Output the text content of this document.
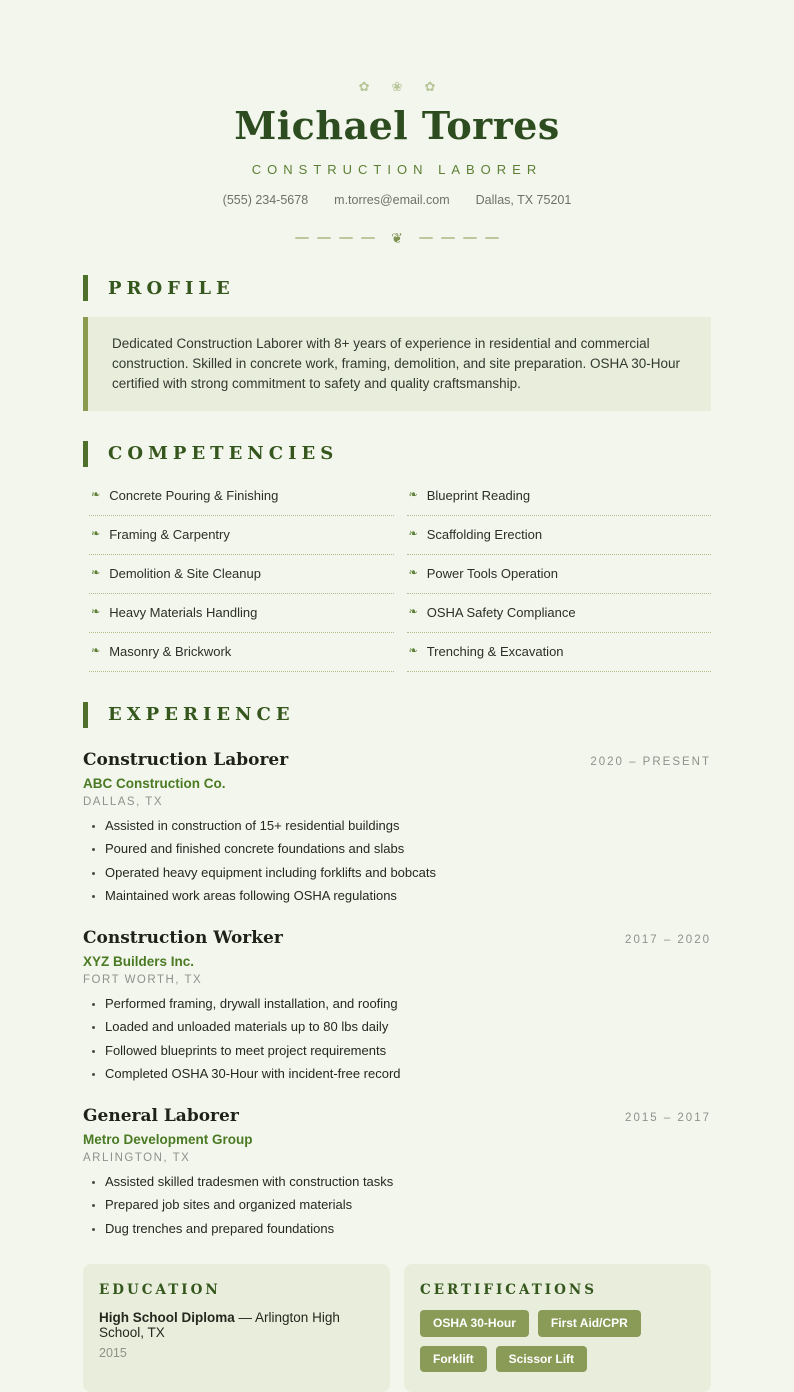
✿ ❀ ✿
Michael Torres
CONSTRUCTION LABORER
(555) 234-5678 m.torres@email.com Dallas, TX 75201
❦
PROFILE
Dedicated Construction Laborer with 8+ years of experience in residential and commercial construction. Skilled in concrete work, framing, demolition, and site preparation. OSHA 30-Hour certified with strong commitment to safety and quality craftsmanship.
COMPETENCIES
❧ Concrete Pouring & Finishing	❧ Blueprint Reading
❧ Framing & Carpentry	❧ Scaffolding Erection
❧ Demolition & Site Cleanup	❧ Power Tools Operation
❧ Heavy Materials Handling	❧ OSHA Safety Compliance
❧ Masonry & Brickwork	❧ Trenching & Excavation
EXPERIENCE
Construction Laborer	2020 – PRESENT
ABC Construction Co.
DALLAS, TX
• Assisted in construction of 15+ residential buildings
• Poured and finished concrete foundations and slabs
• Operated heavy equipment including forklifts and bobcats
• Maintained work areas following OSHA regulations
Construction Worker	2017 – 2020
XYZ Builders Inc.
FORT WORTH, TX
• Performed framing, drywall installation, and roofing
• Loaded and unloaded materials up to 80 lbs daily
• Followed blueprints to meet project requirements
• Completed OSHA 30-Hour with incident-free record
General Laborer	2015 – 2017
Metro Development Group
ARLINGTON, TX
• Assisted skilled tradesmen with construction tasks
• Prepared job sites and organized materials
• Dug trenches and prepared foundations
EDUCATION
High School Diploma — Arlington High School, TX
2015
CERTIFICATIONS
OSHA 30-Hour	First Aid/CPR
Forklift	Scissor Lift
